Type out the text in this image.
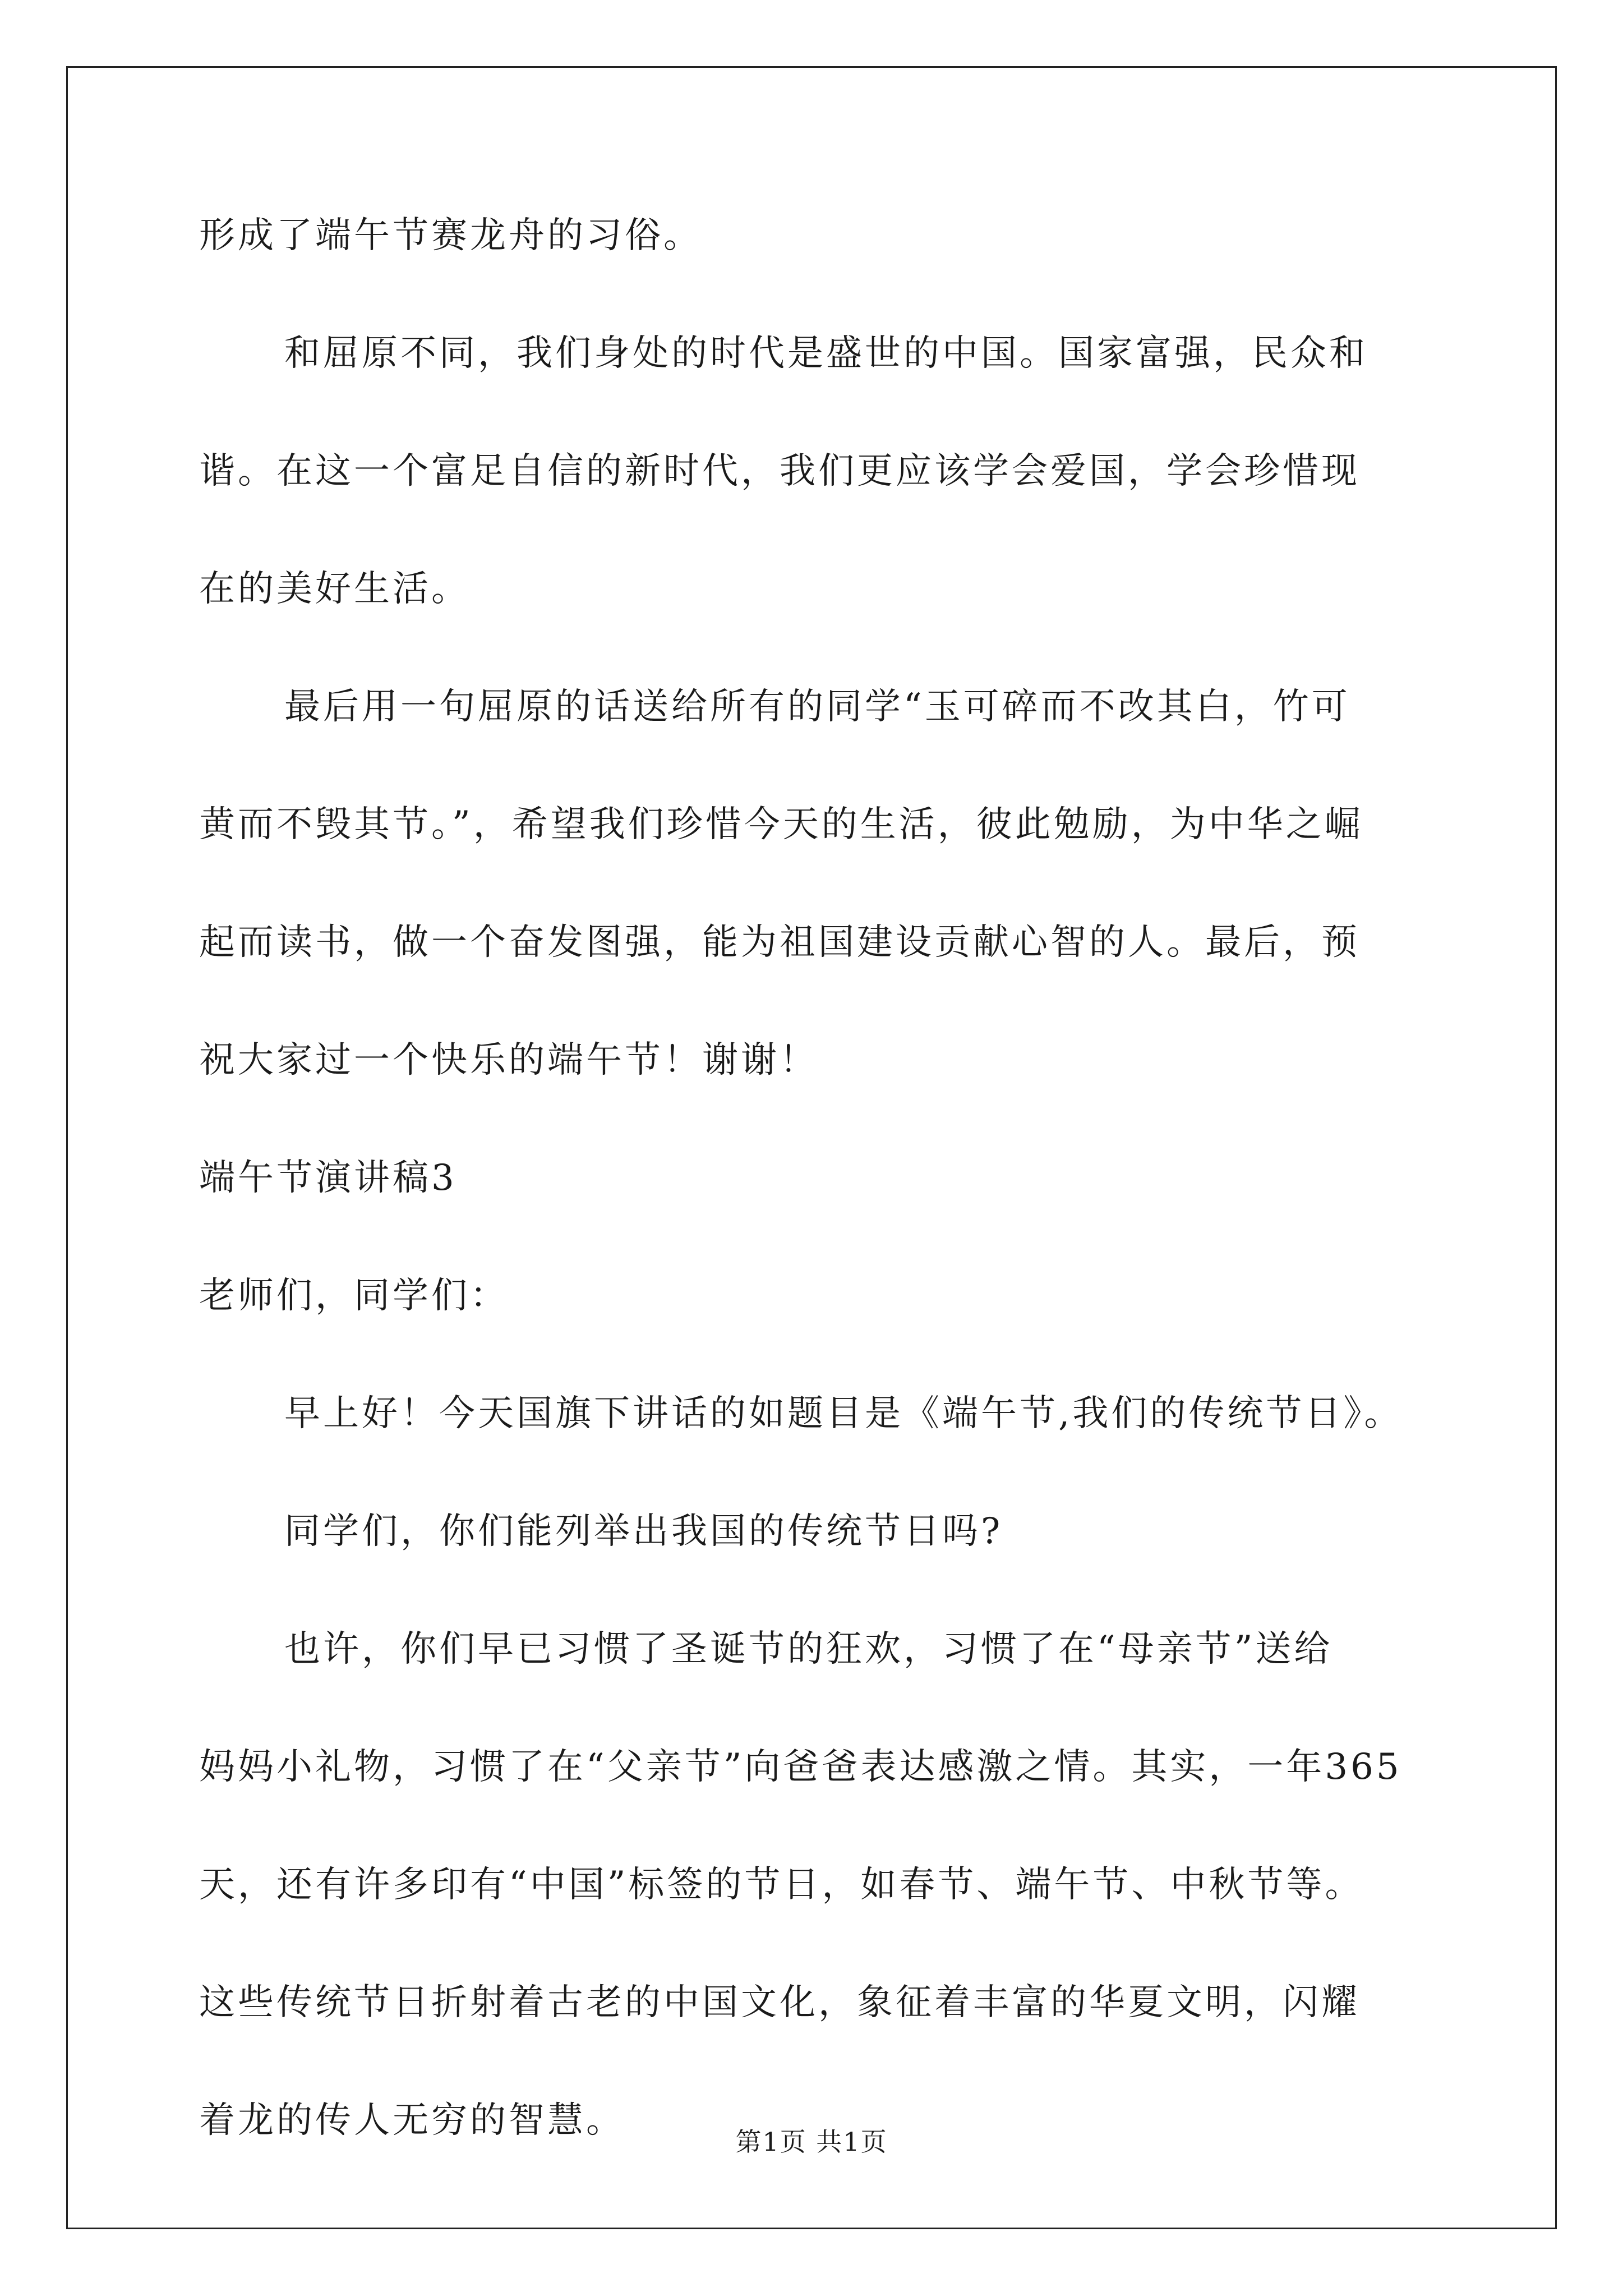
形成了端午节赛龙舟的习俗。
和屈原不同，我们身处的时代是盛世的中国。国家富强，民众和
谐。在这一个富足自信的新时代，我们更应该学会爱国，学会珍惜现
在的美好生活。
最后用一句屈原的话送给所有的同学“玉可碎而不改其白，竹可
黄而不毁其节。”，希望我们珍惜今天的生活，彼此勉励，为中华之崛
起而读书，做一个奋发图强，能为祖国建设贡献心智的人。最后，预
祝大家过一个快乐的端午节！谢谢！
端午节演讲稿3
老师们，同学们：
早上好！今天国旗下讲话的如题目是《端午节,我们的传统节日》。
同学们，你们能列举出我国的传统节日吗?
也许，你们早已习惯了圣诞节的狂欢，习惯了在“母亲节”送给
妈妈小礼物，习惯了在“父亲节”向爸爸表达感激之情。其实，一年365
天，还有许多印有“中国”标签的节日，如春节、端午节、中秋节等。
这些传统节日折射着古老的中国文化，象征着丰富的华夏文明，闪耀
着龙的传人无穷的智慧。
第1页 共1页
